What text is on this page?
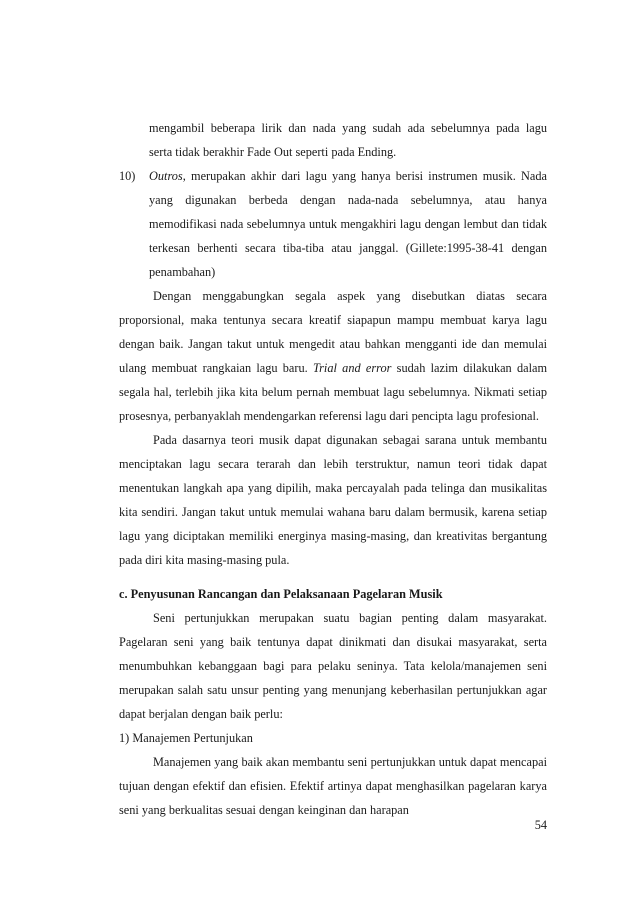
mengambil beberapa lirik dan nada yang sudah ada sebelumnya pada lagu

serta tidak berakhir Fade Out seperti pada Ending.

10) Outros, merupakan akhir dari lagu yang hanya berisi instrumen musik. Nada yang digunakan berbeda dengan nada-nada sebelumnya, atau hanya memodifikasi nada sebelumnya untuk mengakhiri lagu dengan lembut dan tidak terkesan berhenti secara tiba-tiba atau janggal. (Gillete:1995-38-41 dengan penambahan)

Dengan menggabungkan segala aspek yang disebutkan diatas secara proporsional, maka tentunya secara kreatif siapapun mampu membuat karya lagu dengan baik. Jangan takut untuk mengedit atau bahkan mengganti ide dan memulai ulang membuat rangkaian lagu baru. Trial and error sudah lazim dilakukan dalam segala hal, terlebih jika kita belum pernah membuat lagu sebelumnya. Nikmati setiap prosesnya, perbanyaklah mendengarkan referensi lagu dari pencipta lagu profesional.

Pada dasarnya teori musik dapat digunakan sebagai sarana untuk membantu menciptakan lagu secara terarah dan lebih terstruktur, namun teori tidak dapat menentukan langkah apa yang dipilih, maka percayalah pada telinga dan musikalitas kita sendiri. Jangan takut untuk memulai wahana baru dalam bermusik, karena setiap lagu yang diciptakan memiliki energinya masing-masing, dan kreativitas bergantung pada diri kita masing-masing pula.

c. Penyusunan Rancangan dan Pelaksanaan Pagelaran Musik

Seni pertunjukkan merupakan suatu bagian penting dalam masyarakat. Pagelaran seni yang baik tentunya dapat dinikmati dan disukai masyarakat, serta menumbuhkan kebanggaan bagi para pelaku seninya. Tata kelola/manajemen seni merupakan salah satu unsur penting yang menunjang keberhasilan pertunjukkan agar dapat berjalan dengan baik perlu:

1) Manajemen Pertunjukan

Manajemen yang baik akan membantu seni pertunjukkan untuk dapat mencapai tujuan dengan efektif dan efisien. Efektif artinya dapat menghasilkan pagelaran karya seni yang berkualitas sesuai dengan keinginan dan harapan

54
